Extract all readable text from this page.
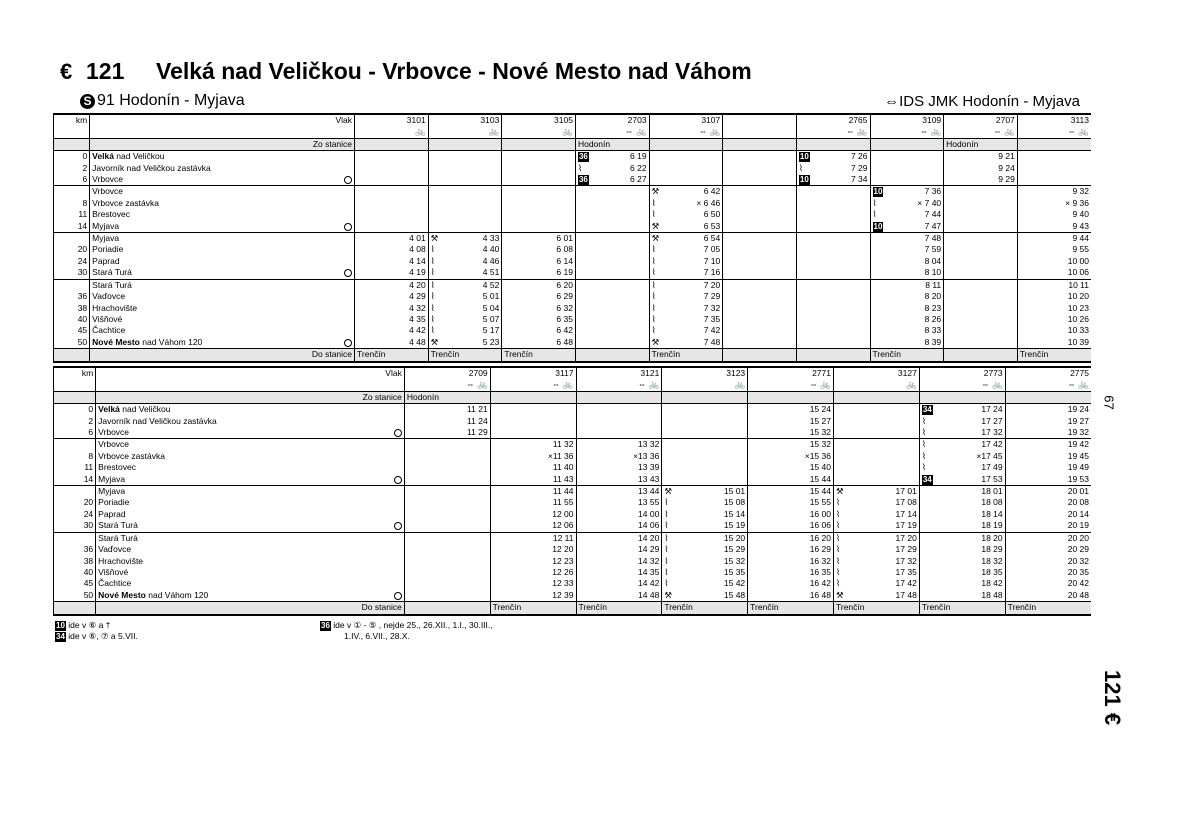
€ 121 Velká nad Veličkou - Vrbovce - Nové Mesto nad Váhom
S 91 Hodonín - Myjava	⇔IDS JMK Hodonín - Myjava
km	Vlak	3101	3103	3105	2703	3107		2765	3109	2707	3113
		🚲	🚲	🚲	⇔ 🚲	⇔ 🚲		⇔ 🚲	⇔ 🚲	⇔ 🚲	⇔ 🚲

	Zo stanice				Hodonín					Hodonín	
0	Velká nad Veličkou				36 6 19			10 7 26		9 21	

2	Javorník nad Veličkou zastávka				⌇ 6 22			⌇ 7 29		9 24	

6	Vrbovce				36 6 27			10 7 34		9 29	

	Vrbovce					⚒ 6 42			10 7 36		9 32
8	Vrbovce zastávka					⌇ × 6 46			⌇ × 7 40		× 9 36
11	Brestovec					⌇ 6 50			⌇ 7 44		9 40
14	Myjava					⚒ 6 53			10 7 47		9 43
	Myjava	4 01	⚒ 4 33	6 01		⚒ 6 54			7 48		9 44
20	Poriadie	4 08	⌇ 4 40	6 08		⌇ 7 05			7 59		9 55
24	Paprad	4 14	⌇ 4 46	6 14		⌇ 7 10			8 04		10 00
30	Stará Turá	4 19	⌇ 4 51	6 19		⌇ 7 16			8 10		10 06
	Stará Turá	4 20	⌇ 4 52	6 20		⌇ 7 20			8 11		10 11
36	Vaďovce	4 29	⌇ 5 01	6 29		⌇ 7 29			8 20		10 20
38	Hrachovište	4 32	⌇ 5 04	6 32		⌇ 7 32			8 23		10 23
40	Višňové	4 35	⌇ 5 07	6 35		⌇ 7 35			8 26		10 26
45	Čachtice	4 42	⌇ 5 17	6 42		⌇ 7 42			8 33		10 33
50	Nové Mesto nad Váhom 120	4 48	⚒ 5 23	6 48		⚒ 7 48			8 39		10 39

	Do stanice	Trenčín	Trenčín	Trenčín		Trenčín			Trenčín		Trenčín
km	Vlak	2709	3117	3121	3123	2771	3127	2773	2775
		⇔ 🚲	⇔ 🚲	⇔ 🚲	🚲	⇔ 🚲	🚲	⇔ 🚲	⇔ 🚲

	Zo stanice	Hodonín							
0	Velká nad Veličkou	11 21				15 24		34 17 24	19 24
2	Javorník nad Veličkou zastávka	11 24				15 27		⌇ 17 27	19 27
6	Vrbovce	11 29				15 32		⌇ 17 32	19 32
	Vrbovce		11 32	13 32		15 32		⌇ 17 42	19 42
8	Vrbovce zastávka		×11 36	×13 36		×15 36		⌇ ×17 45	19 45
11	Brestovec		11 40	13 39		15 40		⌇ 17 49	19 49
14	Myjava		11 43	13 43		15 44		34 17 53	19 53
	Myjava		11 44	13 44	⚒ 15 01	15 44	⚒ 17 01	18 01	20 01
20	Poriadie		11 55	13 55	⌇ 15 08	15 55	⌇ 17 08	18 08	20 08
24	Paprad		12 00	14 00	⌇ 15 14	16 00	⌇ 17 14	18 14	20 14
30	Stará Turá		12 06	14 06	⌇ 15 19	16 06	⌇ 17 19	18 19	20 19
	Stará Turá		12 11	14 20	⌇ 15 20	16 20	⌇ 17 20	18 20	20 20
36	Vaďovce		12 20	14 29	⌇ 15 29	16 29	⌇ 17 29	18 29	20 29
38	Hrachovište		12 23	14 32	⌇ 15 32	16 32	⌇ 17 32	18 32	20 32
40	Višňové		12 26	14 35	⌇ 15 35	16 35	⌇ 17 35	18 35	20 35
45	Čachtice		12 33	14 42	⌇ 15 42	16 42	⌇ 17 42	18 42	20 42
50	Nové Mesto nad Váhom 120		12 39	14 48	⚒ 15 48	16 48	⚒ 17 48	18 48	20 48

	Do stanice		Trenčín	Trenčín	Trenčín	Trenčín	Trenčín	Trenčín	Trenčín
10 ide v ⑥ a †
34 ide v ⑥, ⑦ a 5.VII.
36 ide v ① - ⑤ , nejde 25., 26.XII., 1.I., 30.III.,
1.IV., 6.VII., 28.X.
67
121 €
